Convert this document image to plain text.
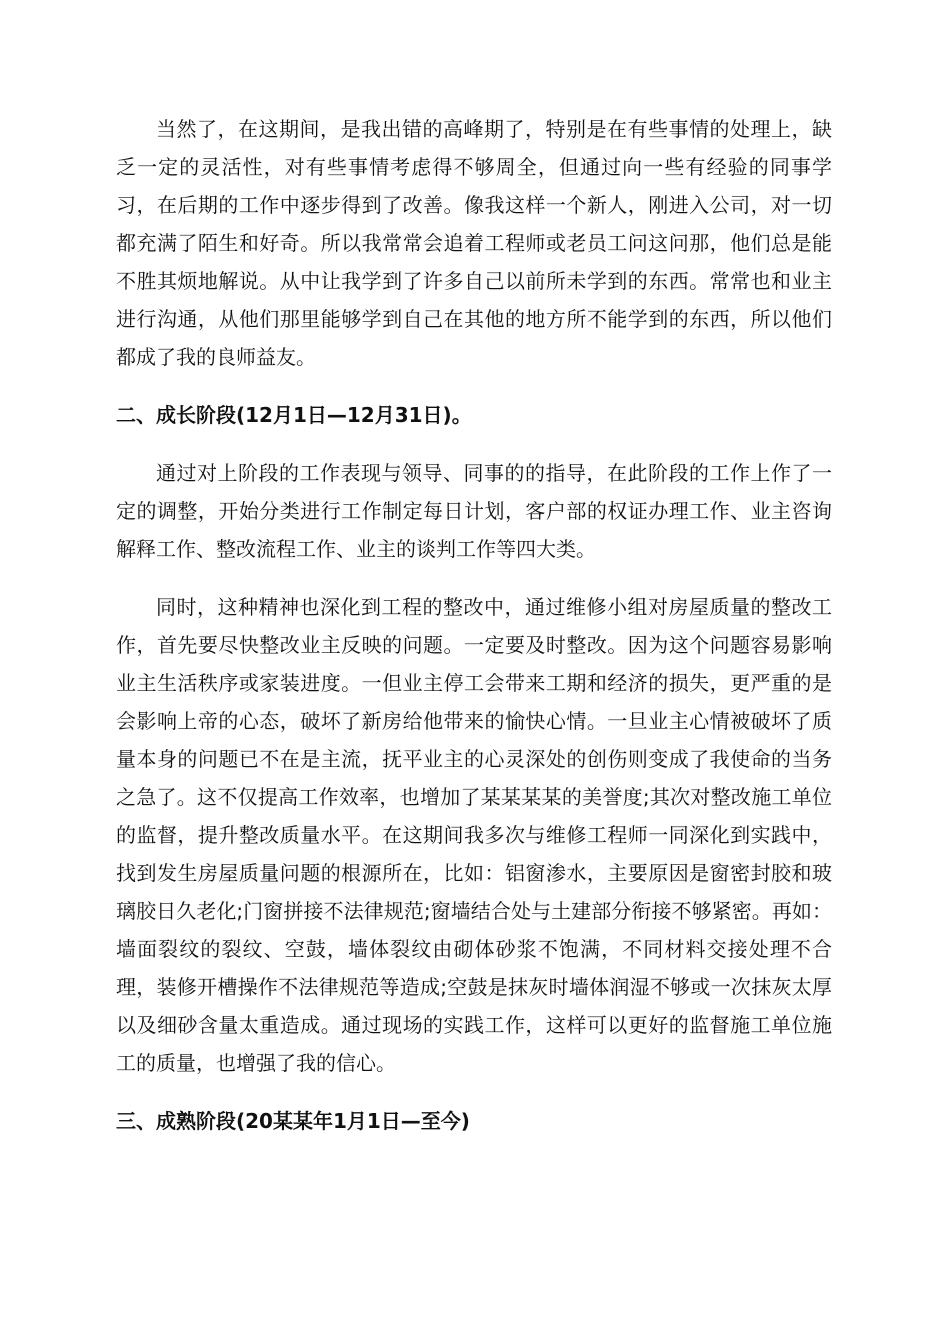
当然了，在这期间，是我出错的高峰期了，特别是在有些事情的处理上，缺乏一定的灵活性，对有些事情考虑得不够周全，但通过向一些有经验的同事学习，在后期的工作中逐步得到了改善。像我这样一个新人，刚进入公司，对一切都充满了陌生和好奇。所以我常常会追着工程师或老员工问这问那，他们总是能不胜其烦地解说。从中让我学到了许多自己以前所未学到的东西。常常也和业主进行沟通，从他们那里能够学到自己在其他的地方所不能学到的东西，所以他们都成了我的良师益友。

二、成长阶段(12月1日—12月31日)。

通过对上阶段的工作表现与领导、同事的的指导，在此阶段的工作上作了一定的调整，开始分类进行工作制定每日计划，客户部的权证办理工作、业主咨询解释工作、整改流程工作、业主的谈判工作等四大类。

同时，这种精神也深化到工程的整改中，通过维修小组对房屋质量的整改工作，首先要尽快整改业主反映的问题。一定要及时整改。因为这个问题容易影响业主生活秩序或家装进度。一但业主停工会带来工期和经济的损失，更严重的是会影响上帝的心态，破坏了新房给他带来的愉快心情。一旦业主心情被破坏了质量本身的问题已不在是主流，抚平业主的心灵深处的创伤则变成了我使命的当务之急了。这不仅提高工作效率，也增加了某某某某的美誉度;其次对整改施工单位的监督，提升整改质量水平。在这期间我多次与维修工程师一同深化到实践中，找到发生房屋质量问题的根源所在，比如：铝窗渗水，主要原因是窗密封胶和玻璃胶日久老化;门窗拼接不法律规范;窗墙结合处与土建部分衔接不够紧密。再如：墙面裂纹的裂纹、空鼓，墙体裂纹由砌体砂浆不饱满，不同材料交接处理不合理，装修开槽操作不法律规范等造成;空鼓是抹灰时墙体润湿不够或一次抹灰太厚以及细砂含量太重造成。通过现场的实践工作，这样可以更好的监督施工单位施工的质量，也增强了我的信心。

三、成熟阶段(20某某年1月1日—至今)
